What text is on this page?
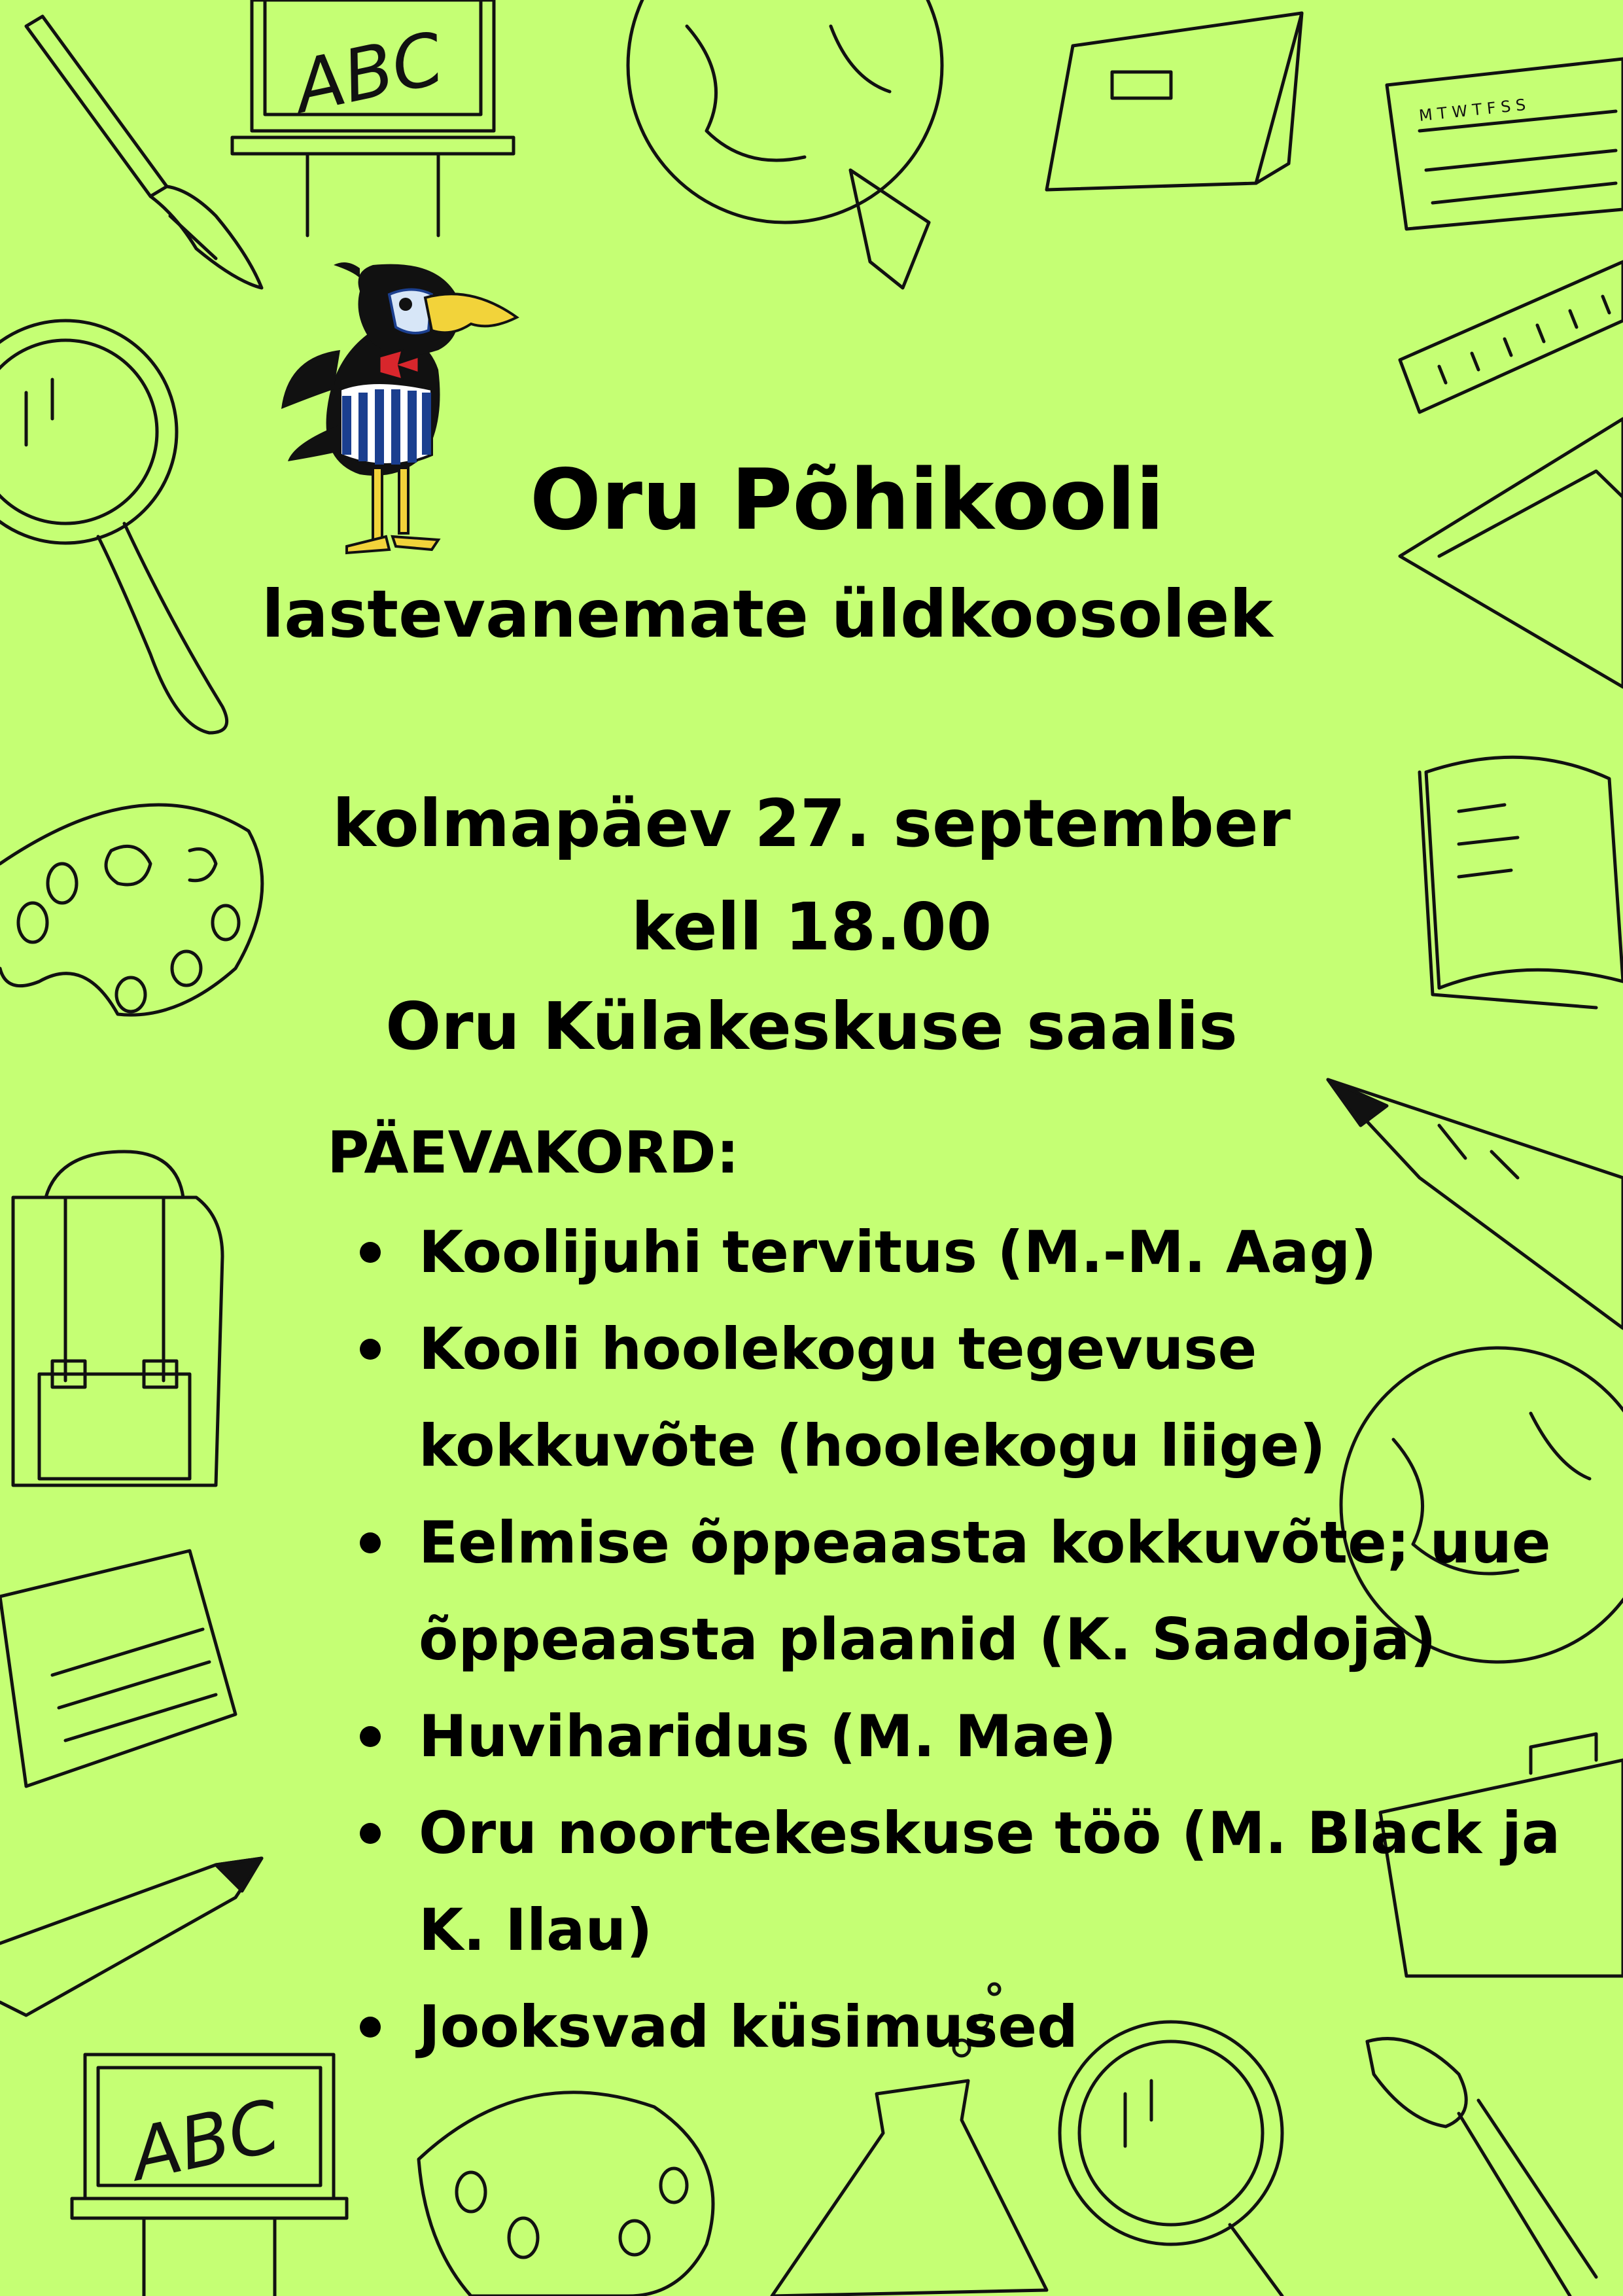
ABC	M T W T F S S
ABC
Oru Põhikooli
lastevanemate üldkoosolek
kolmapäev 27. september
kell 18.00
Oru Külakeskuse saalis
PÄEVAKORD:
Koolijuhi tervitus (M.-M. Aag)
Kooli hoolekogu tegevuse kokkuvõte (hoolekogu liige)
Eelmise õppeaasta kokkuvõte; uue õppeaasta plaanid (K. Saadoja)
Huviharidus (M. Mae)
Oru noortekeskuse töö (M. Black ja K. Ilau)
Jooksvad küsimused
